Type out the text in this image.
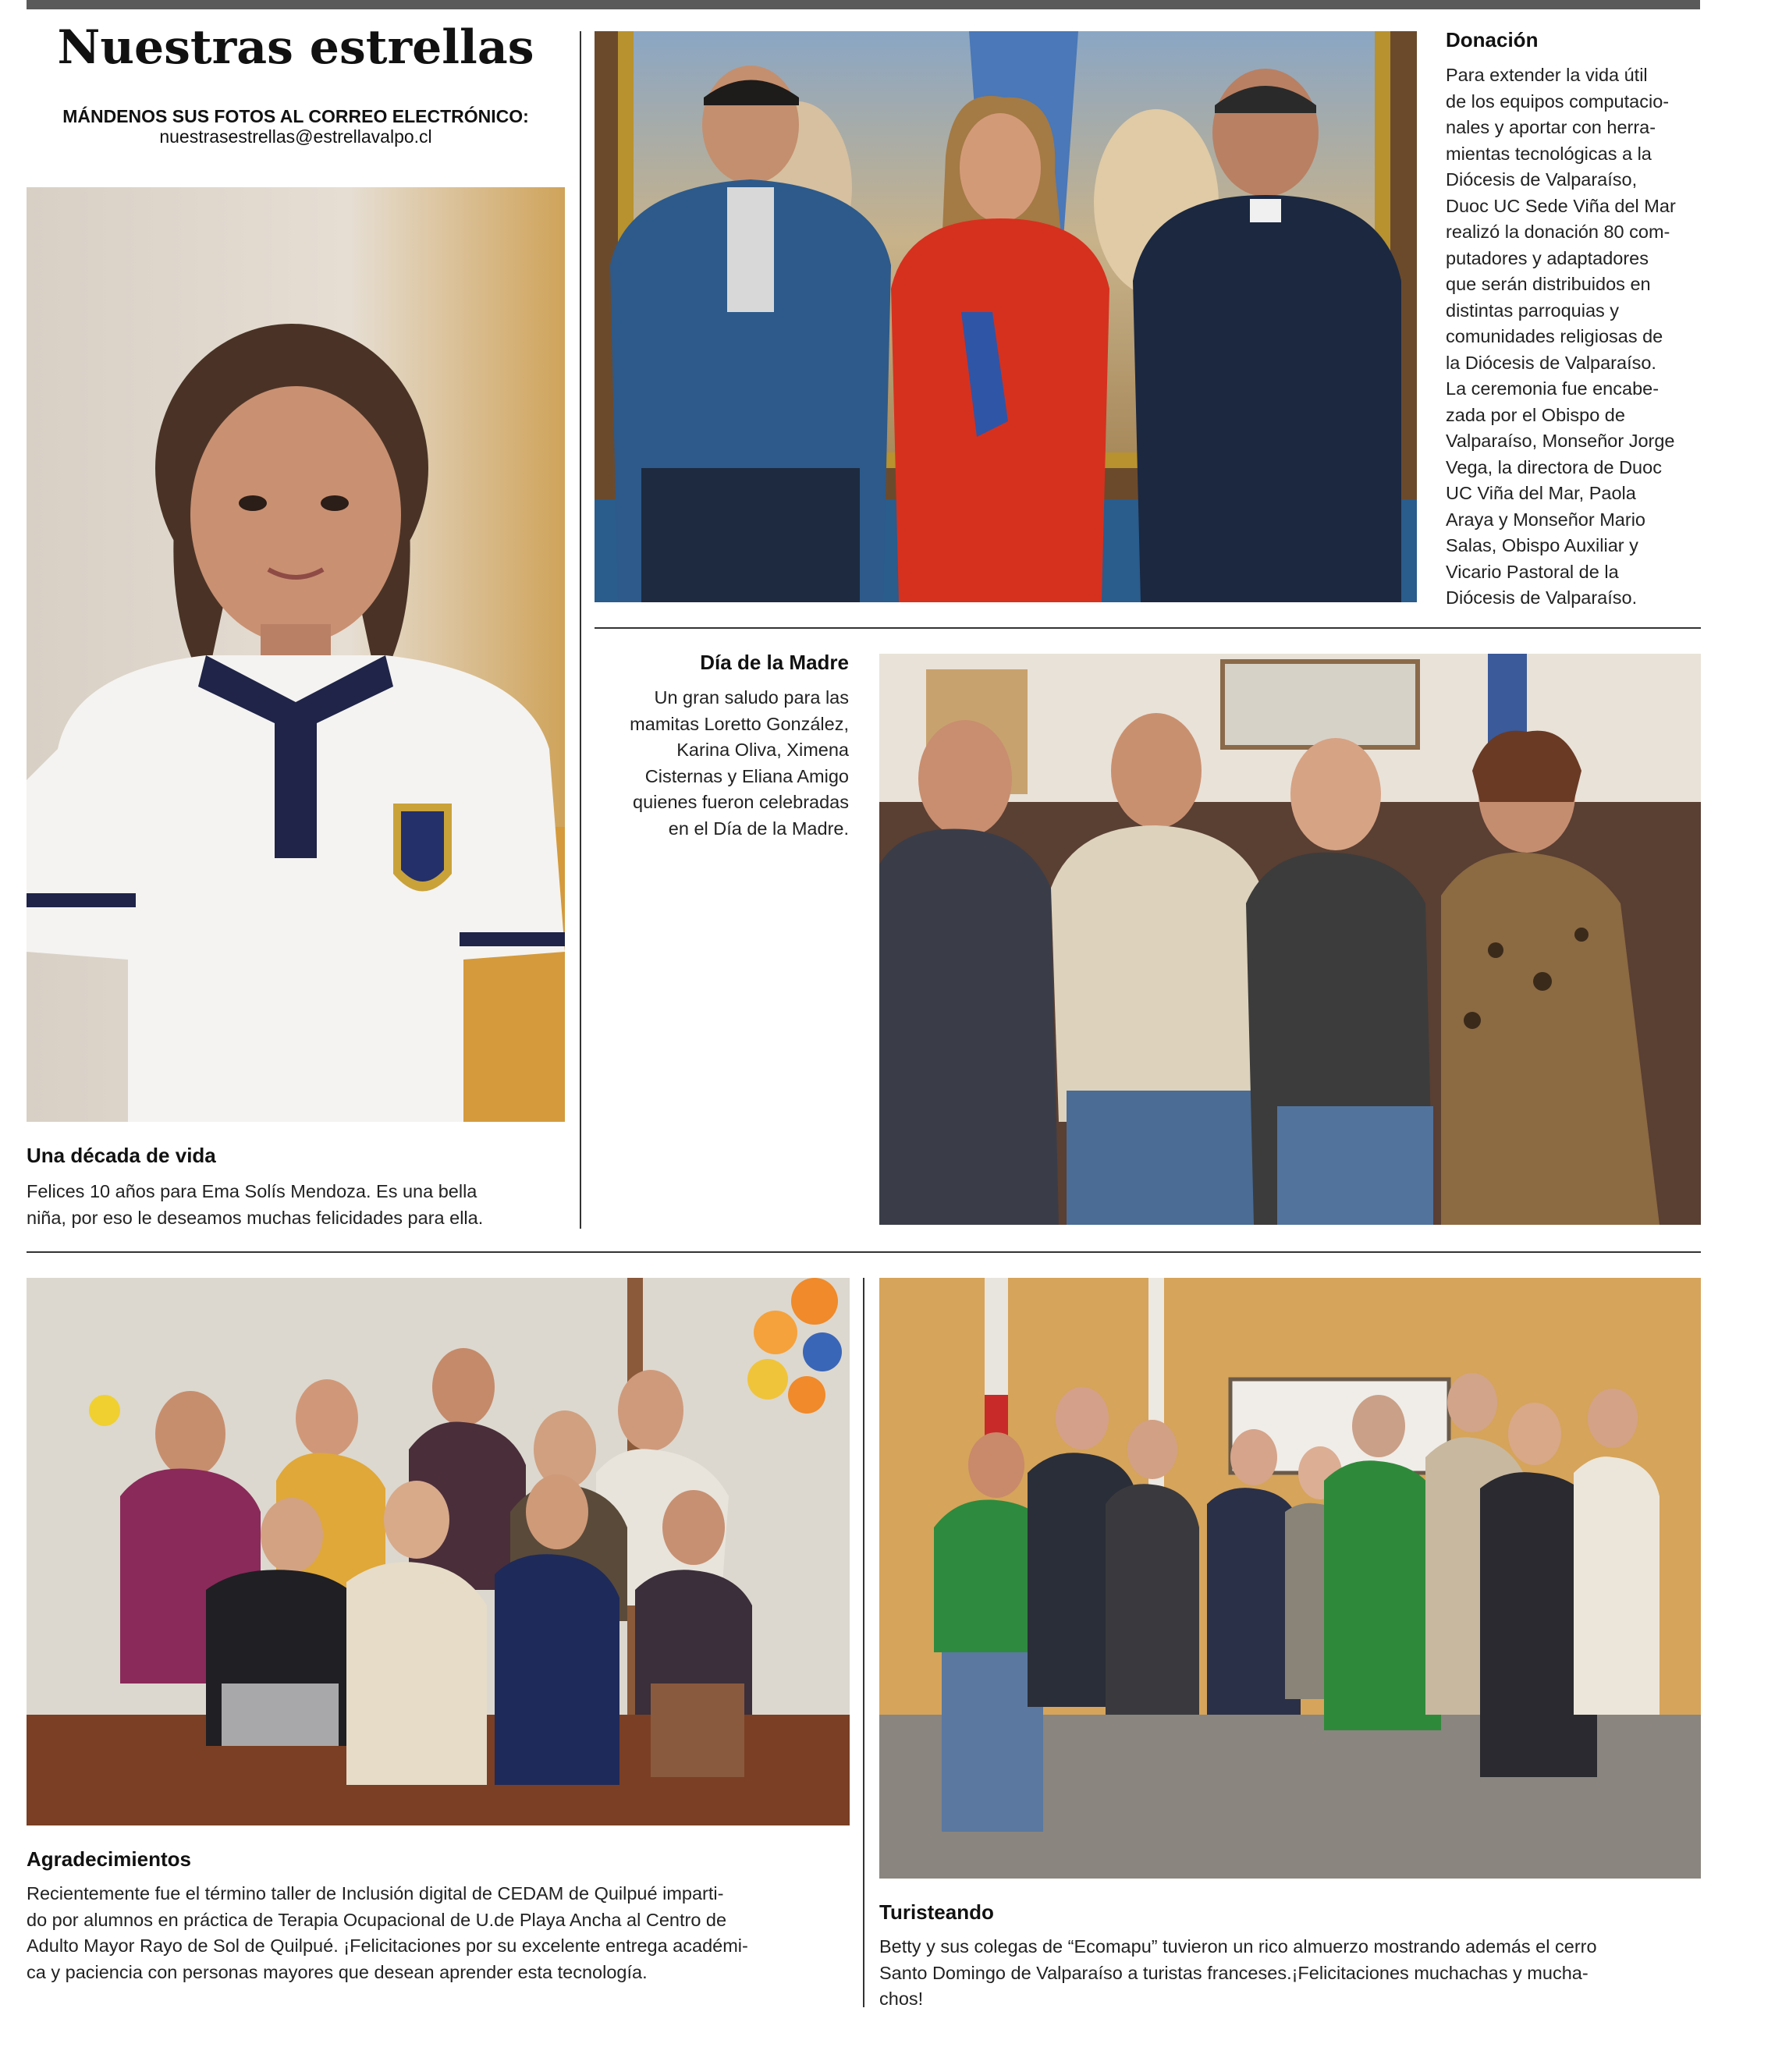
Nuestras estrellas
MÁNDENOS SUS FOTOS AL CORREO ELECTRÓNICO:
nuestrasestrellas@estrellavalpo.cl
Una década de vida
Felices 10 años para Ema Solís Mendoza. Es una bella
niña, por eso le deseamos muchas felicidades para ella.
Donación
Para extender la vida útil
de los equipos computacio-
nales y aportar con herra-
mientas tecnológicas a la
Diócesis de Valparaíso,
Duoc UC Sede Viña del Mar
realizó la donación 80 com-
putadores y adaptadores
que serán distribuidos en
distintas parroquias y
comunidades religiosas de
la Diócesis de Valparaíso.
La ceremonia fue encabe-
zada por el Obispo de
Valparaíso, Monseñor Jorge
Vega, la directora de Duoc
UC Viña del Mar, Paola
Araya y Monseñor Mario
Salas, Obispo Auxiliar y
Vicario Pastoral de la
Diócesis de Valparaíso.
Día de la Madre
Un gran saludo para las
mamitas Loretto González,
Karina Oliva, Ximena
Cisternas y Eliana Amigo
quienes fueron celebradas
en el Día de la Madre.
Agradecimientos
Recientemente fue el término taller de Inclusión digital de CEDAM de Quilpué imparti-
do por alumnos en práctica de Terapia Ocupacional de U.de Playa Ancha al Centro de
Adulto Mayor Rayo de Sol de Quilpué. ¡Felicitaciones por su excelente entrega académi-
ca y paciencia con personas mayores que desean aprender esta tecnología.
Turisteando
Betty y sus colegas de “Ecomapu” tuvieron un rico almuerzo mostrando además el cerro
Santo Domingo de Valparaíso a turistas franceses.¡Felicitaciones muchachas y mucha-
chos!
